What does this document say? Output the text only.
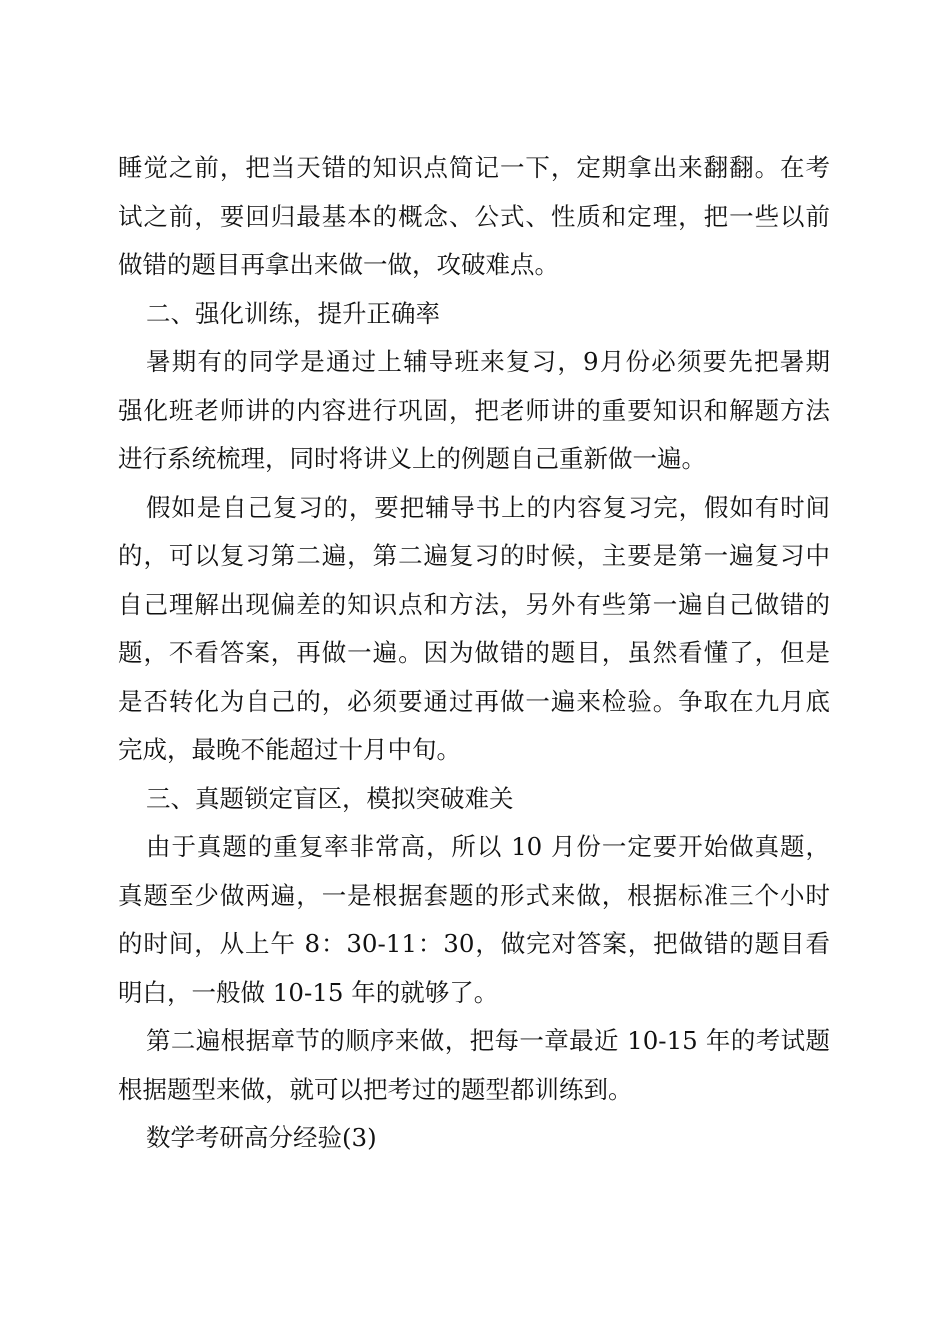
睡觉之前，把当天错的知识点简记一下，定期拿出来翻翻。在考
试之前，要回归最基本的概念、公式、性质和定理，把一些以前
做错的题目再拿出来做一做，攻破难点。
二、强化训练，提升正确率
暑期有的同学是通过上辅导班来复习，9月份必须要先把暑期
强化班老师讲的内容进行巩固，把老师讲的重要知识和解题方法
进行系统梳理，同时将讲义上的例题自己重新做一遍。
假如是自己复习的，要把辅导书上的内容复习完，假如有时间
的，可以复习第二遍，第二遍复习的时候，主要是第一遍复习中
自己理解出现偏差的知识点和方法，另外有些第一遍自己做错的
题，不看答案，再做一遍。因为做错的题目，虽然看懂了，但是
是否转化为自己的，必须要通过再做一遍来检验。争取在九月底
完成，最晚不能超过十月中旬。
三、真题锁定盲区，模拟突破难关
由于真题的重复率非常高，所以 10 月份一定要开始做真题，
真题至少做两遍，一是根据套题的形式来做，根据标准三个小时
的时间，从上午 8：30-11：30，做完对答案，把做错的题目看
明白，一般做 10-15 年的就够了。
第二遍根据章节的顺序来做，把每一章最近 10-15 年的考试题
根据题型来做，就可以把考过的题型都训练到。
数学考研高分经验(3)
